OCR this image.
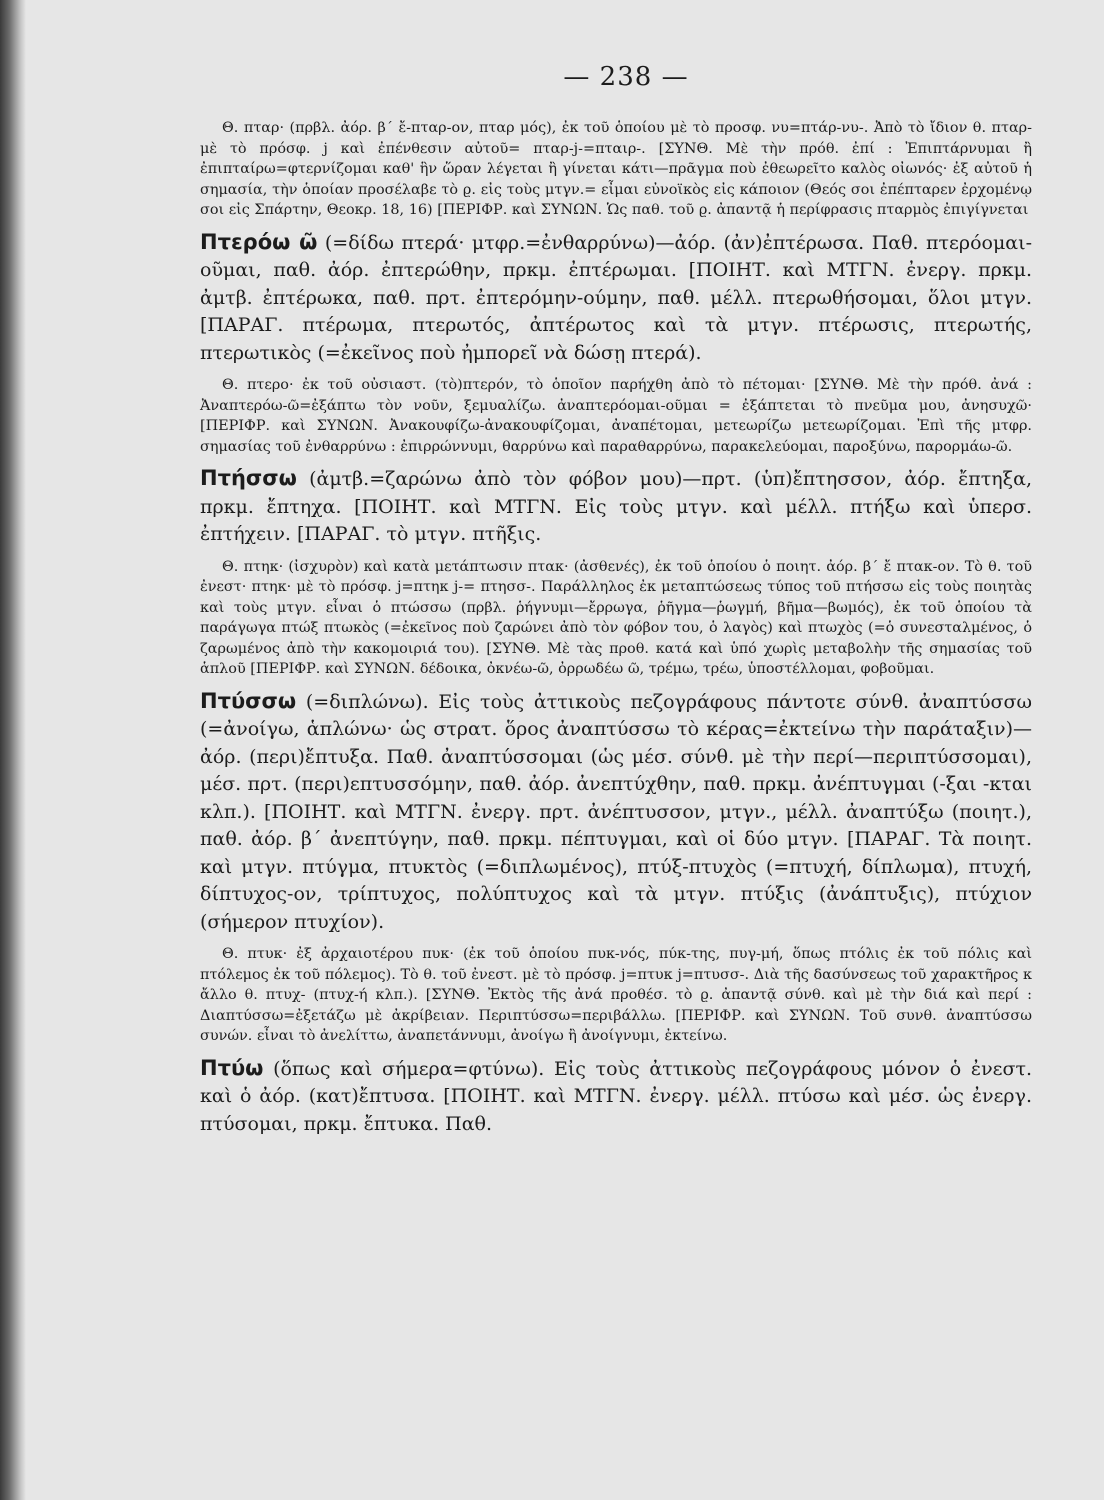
— 238 —

Θ. πταρ· (πρβλ. ἀόρ. β΄ ἔ-πταρ-ον, πταρ μός), ἐκ τοῦ ὁποίου μὲ τὸ προσφ. νυ=πτάρ-νυ-. Ἀπὸ τὸ ἴδιον θ. πταρ- μὲ τὸ πρόσφ. j καὶ ἐπένθεσιν αὐτοῦ= πταρ-j-=πταιρ-. [ΣΥΝΘ. Μὲ τὴν πρόθ. ἐπί : Ἐπιπτάρνυμαι ἢ ἐπιπταίρω=φτερνίζομαι καθ' ἣν ὥραν λέγεται ἢ γίνεται κάτι—πρᾶγμα ποὺ ἐθεωρεῖτο καλὸς οἰωνός· ἐξ αὐτοῦ ἡ σημασία, τὴν ὁποίαν προσέλαβε τὸ ϱ. εἰς τοὺς μτγν.= εἶμαι εὐνοϊκὸς εἰς κάποιον (Θεός σοι ἐπέπταρεν ἐρχομένῳ σοι εἰς Σπάρτην, Θεοκρ. 18, 16) [ΠΕΡΙΦΡ. καὶ ΣΥΝΩΝ. Ὡς παθ. τοῦ ϱ. ἀπαντᾷ ἡ περίφρασις πταρμὸς ἐπιγίγνεται

Πτερόω ῶ (=δίδω πτερά· μτφρ.=ἐνθαρρύνω)—ἀόρ. (ἀν)ἐπτέρωσα. Παθ. πτερόομαι-οῦμαι, παθ. ἀόρ. ἐπτερώθην, πρκμ. ἐπτέρωμαι. [ΠΟΙΗΤ. καὶ ΜΤΓΝ. ἐνεργ. πρκμ. ἀμτβ. ἐπτέρωκα, παθ. πρτ. ἐπτερόμην-ούμην, παθ. μέλλ. πτερωθήσομαι, ὅλοι μτγν. [ΠΑΡΑΓ. πτέρωμα, πτερωτός, ἀπτέρωτος καὶ τὰ μτγν. πτέρωσις, πτερωτής, πτερωτικὸς (=ἐκεῖνος ποὺ ἠμπορεῖ νὰ δώσῃ πτερά).

Θ. πτερο· ἐκ τοῦ οὐσιαστ. (τὸ)πτερόν, τὸ ὁποῖον παρήχθη ἀπὸ τὸ πέτομαι· [ΣΥΝΘ. Μὲ τὴν πρόθ. ἀνά : Ἀναπτερόω-ῶ=ἐξάπτω τὸν νοῦν, ξεμυαλίζω. ἀναπτερόομαι-οῦμαι = ἐξάπτεται τὸ πνεῦμα μου, ἀνησυχῶ· [ΠΕΡΙΦΡ. καὶ ΣΥΝΩΝ. Ἀνακουφίζω-ἀνακουφίζομαι, ἀναπέτομαι, μετεωρίζω μετεωρίζομαι. Ἐπὶ τῆς μτφρ. σημασίας τοῦ ἐνθαρρύνω : ἐπιρρώννυμι, θαρρύνω καὶ παραθαρρύνω, παρακελεύομαι, παροξύνω, παρορμάω-ῶ.

Πτήσσω (ἀμτβ.=ζαρώνω ἀπὸ τὸν φόβον μου)—πρτ. (ὑπ)ἔπτησσον, ἀόρ. ἔπτηξα, πρκμ. ἔπτηχα. [ΠΟΙΗΤ. καὶ ΜΤΓΝ. Εἰς τοὺς μτγν. καὶ μέλλ. πτήξω καὶ ὑπερσ. ἐπτήχειν. [ΠΑΡΑΓ. τὸ μτγν. πτῆξις.

Θ. πτηκ· (ἰσχυρὸν) καὶ κατὰ μετάπτωσιν πτακ· (ἀσθενές), ἐκ τοῦ ὁποίου ὁ ποιητ. ἀόρ. β΄ ἔ πτακ-ον. Τὸ θ. τοῦ ἐνεστ· πτηκ· μὲ τὸ πρόσφ. j=πτηκ j-= πτησσ-. Παράλληλος ἐκ μεταπτώσεως τύπος τοῦ πτήσσω εἰς τοὺς ποιητὰς καὶ τοὺς μτγν. εἶναι ὁ πτώσσω (πρβλ. ῥήγνυμι—ἔρρωγα, ῥῆγμα—ῥωγμή, βῆμα—βωμός), ἐκ τοῦ ὁποίου τὰ παράγωγα πτώξ πτωκὸς (=ἐκεῖνος ποὺ ζαρώνει ἀπὸ τὸν φόβον του, ὁ λαγὸς) καὶ πτωχὸς (=ὁ συνεσταλμένος, ὁ ζαρωμένος ἀπὸ τὴν κακομοιριά του). [ΣΥΝΘ. Μὲ τὰς προθ. κατά καὶ ὑπό χωρὶς μεταβολὴν τῆς σημασίας τοῦ ἁπλοῦ [ΠΕΡΙΦΡ. καὶ ΣΥΝΩΝ. δέδοικα, ὀκνέω-ῶ, ὀρρωδέω ῶ, τρέμω, τρέω, ὑποστέλλομαι, φοβοῦμαι.

Πτύσσω (=διπλώνω). Εἰς τοὺς ἀττικοὺς πεζογράφους πάντοτε σύνθ. ἀναπτύσσω (=ἀνοίγω, ἁπλώνω· ὡς στρατ. ὅρος ἀναπτύσσω τὸ κέρας=ἐκτείνω τὴν παράταξιν)—ἀόρ. (περι)ἔπτυξα. Παθ. ἀναπτύσσομαι (ὡς μέσ. σύνθ. μὲ τὴν περί—περιπτύσσομαι), μέσ. πρτ. (περι)επτυσσόμην, παθ. ἀόρ. ἀνεπτύχθην, παθ. πρκμ. ἀνέπτυγμαι (-ξαι -κται κλπ.). [ΠΟΙΗΤ. καὶ ΜΤΓΝ. ἐνεργ. πρτ. ἀνέπτυσσον, μτγν., μέλλ. ἀναπτύξω (ποιητ.), παθ. ἀόρ. β΄ ἀνεπτύγην, παθ. πρκμ. πέπτυγμαι, καὶ οἱ δύο μτγν. [ΠΑΡΑΓ. Τὰ ποιητ. καὶ μτγν. πτύγμα, πτυκτὸς (=διπλωμένος), πτύξ-πτυχὸς (=πτυχή, δίπλωμα), πτυχή, δίπτυχος-ον, τρίπτυχος, πολύπτυχος καὶ τὰ μτγν. πτύξις (ἀνάπτυξις), πτύχιον (σήμερον πτυχίον).

Θ. πτυκ· ἐξ ἀρχαιοτέρου πυκ· (ἐκ τοῦ ὁποίου πυκ-νός, πύκ-της, πυγ-μή, ὅπως πτόλις ἐκ τοῦ πόλις καὶ πτόλεμος ἐκ τοῦ πόλεμος). Τὸ θ. τοῦ ἐνεστ. μὲ τὸ πρόσφ. j=πτυκ j=πτυσσ-. Διὰ τῆς δασύνσεως τοῦ χαρακτῆρος κ ἄλλο θ. πτυχ- (πτυχ-ή κλπ.). [ΣΥΝΘ. Ἐκτὸς τῆς ἀνά προθέσ. τὸ ϱ. ἀπαντᾷ σύνθ. καὶ μὲ τὴν διά καὶ περί : Διαπτύσσω=ἐξετάζω μὲ ἀκρίβειαν. Περιπτύσσω=περιβάλλω. [ΠΕΡΙΦΡ. καὶ ΣΥΝΩΝ. Τοῦ συνθ. ἀναπτύσσω συνών. εἶναι τὸ ἀνελίττω, ἀναπετάννυμι, ἀνοίγω ἢ ἀνοίγνυμι, ἐκτείνω.

Πτύω (ὅπως καὶ σήμερα=φτύνω). Εἰς τοὺς ἀττικοὺς πεζογράφους μόνον ὁ ἐνεστ. καὶ ὁ ἀόρ. (κατ)ἔπτυσα. [ΠΟΙΗΤ. καὶ ΜΤΓΝ. ἐνεργ. μέλλ. πτύσω καὶ μέσ. ὡς ἐνεργ. πτύσομαι, πρκμ. ἔπτυκα. Παθ.
